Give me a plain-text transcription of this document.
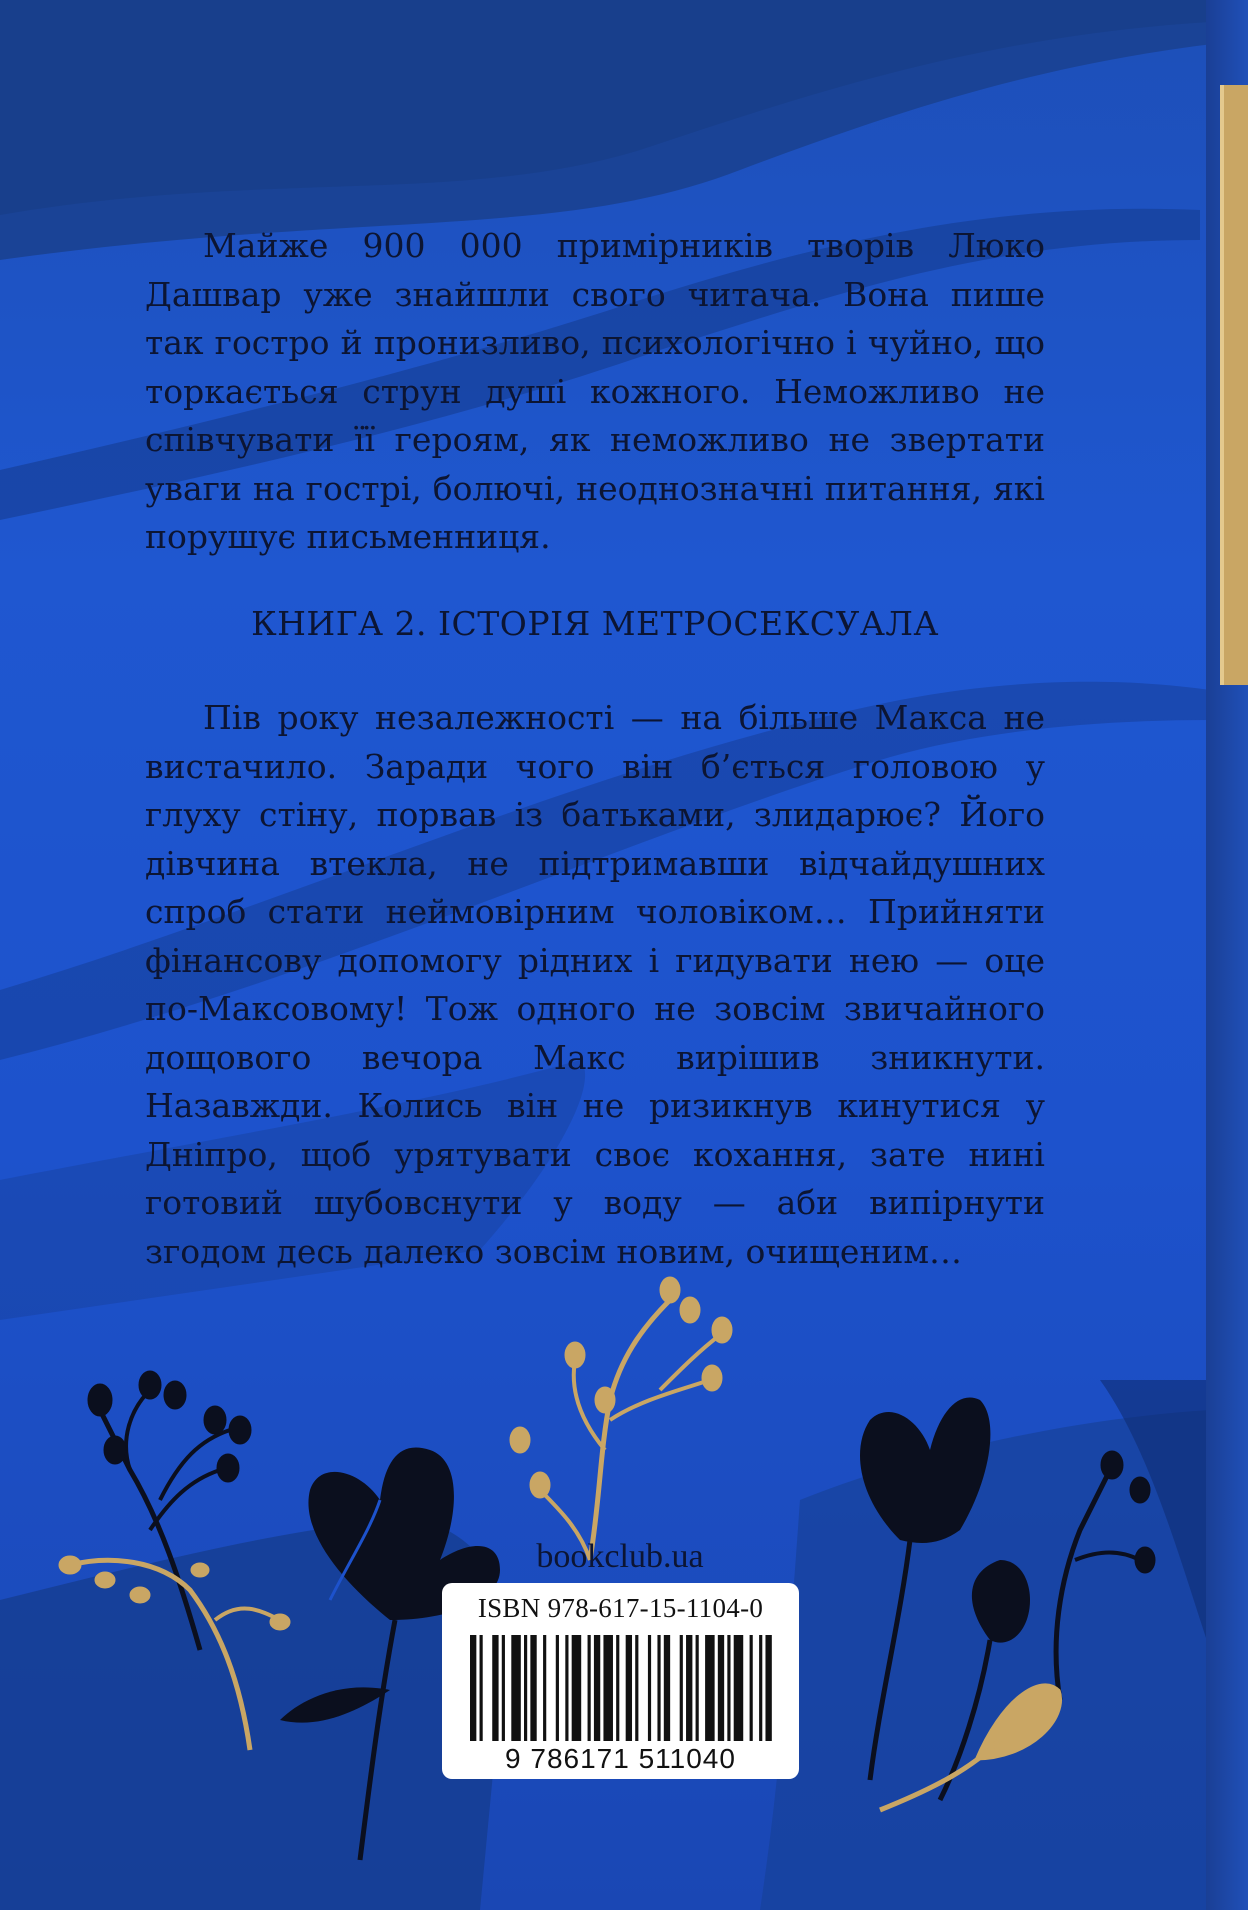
Майже 900 000 примірників творів Люко Дашвар уже знайшли свого читача. Вона пише так гостро й пронизливо, психологічно і чуйно, що торкається струн душі кожного. Неможливо не співчувати її героям, як неможливо не звертати уваги на гострі, болючі, неоднозначні питання, які порушує письменниця.

КНИГА 2. ІСТОРІЯ МЕТРОСЕКСУАЛА

Пів року незалежності — на більше Макса не вистачило. Заради чого він б’ється головою у глуху стіну, порвав із батьками, злидарює? Його дівчина втекла, не підтримавши відчайдушних спроб стати неймовірним чоловіком… Прийняти фінансову допомогу рідних і гидувати нею — оце по-Максовому! Тож одного не зовсім звичайного дощового вечора Макс вирішив зникнути. Назавжди. Колись він не ризикнув кинутися у Дніпро, щоб урятувати своє кохання, зате нині готовий шубовснути у воду — аби випірнути згодом десь далеко зовсім новим, очищеним…

bookclub.ua
ISBN 978-617-15-1104-0
9 786171 511040
